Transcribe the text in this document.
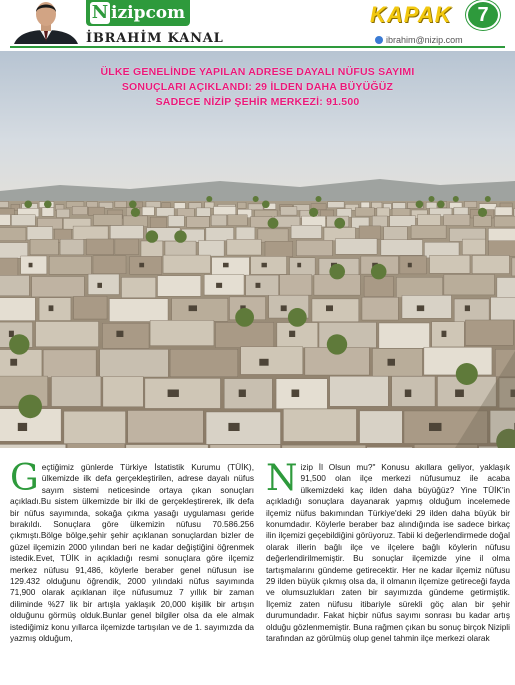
N izipcom
İBRAHİM KANAL
KAPAK	7
ibrahim@nizip.com
ÜLKE GENELİNDE YAPILAN ADRESE DAYALI NÜFUS SAYIMI
SONUÇLARI AÇIKLANDI: 29 İLDEN DAHA BÜYÜĞÜZ
SADECE NİZİP ŞEHİR MERKEZİ: 91.500
G eçtiğimiz günlerde Türkiye İstatistik Kurumu (TÜİK), ülkemizde ilk defa gerçekleştirilen, adrese dayalı nüfus sayım sistemi neticesinde ortaya çıkan sonuçları açıkladı.Bu sistem ülkemizde bir ilki de gerçekleştirerek, ilk defa bir nüfus sayımında, sokağa çıkma yasağı uygulaması geride bırakıldı. Sonuçlara göre ülkemizin nüfusu 70.586.256 çıkmıştı.Bölge bölge,şehir şehir açıklanan sonuçlardan bizler de güzel ilçemizin 2000 yılından beri ne kadar değiştiğini öğrenmek istedik.Evet, TÜİK in açıkladığı resmi sonuçlara göre ilçemiz merkez nüfusu 91,486, köylerle beraber genel nüfusun ise 129.432 olduğunu öğrendik, 2000 yılındaki nüfus sayımında 71,900 olarak açıklanan ilçe nüfusumuz 7 yıllık bir zaman diliminde %27 lik bir artışla yaklaşık 20,000 kişilik bir artışın olduğunu görmüş olduk.Bunlar genel bilgiler olsa da ele almak istediğimiz konu yıllarca ilçemizde tartışılan ve de 1. sayımızda da yazmış olduğum,

N izip İl Olsun mu?" Konusu akıllara geliyor, yaklaşık 91,500 olan ilçe merkezi nüfusumuz ile acaba ülkemizdeki kaç ilden daha büyüğüz? Yine TÜİK'in açıkladığı sonuçlara dayanarak yapmış olduğum incelemede ilçemiz nüfus bakımından Türkiye'deki 29 ilden daha büyük bir konumdadır. Köylerle beraber baz alındığında ise sadece birkaç ilin ilçemizi geçebildiğini görüyoruz. Tabii ki değerlendirmede doğal olarak illerin bağlı ilçe ve ilçelere bağlı köylerin nüfusu değerlendirilmemiştir. Bu sonuçlar ilçemizde yine il olma tartışmalarını gündeme getirecektir. Her ne kadar ilçemiz nüfusu 29 ilden büyük çıkmış olsa da, il olmanın ilçemize getireceği fayda ve olumsuzlukları zaten bir sayımızda gündeme getirmiştik. İlçemiz zaten nüfusu itibariyle sürekli göç alan bir şehir durumundadır. Fakat hiçbir nüfus sayımı sonrası bu kadar artış olduğu gözlenmemiştir. Buna rağmen çıkan bu sonuç birçok Nizipli tarafından az görülmüş olup genel tahmin ilçe merkezi olarak
